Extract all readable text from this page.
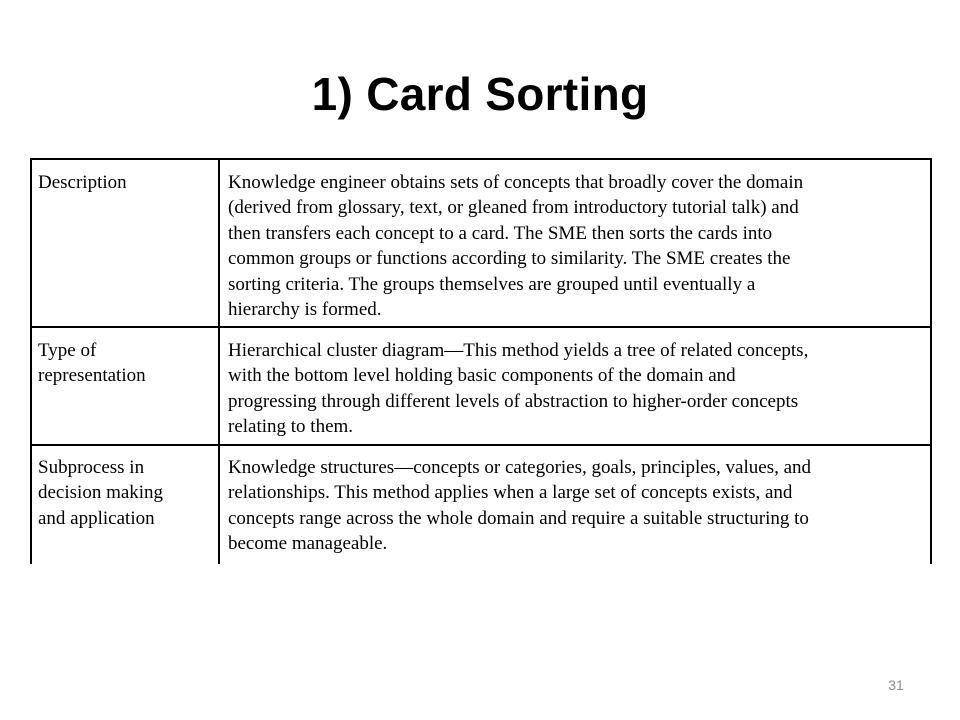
1) Card Sorting
Description	Knowledge engineer obtains sets of concepts that broadly cover the domain
(derived from glossary, text, or gleaned from introductory tutorial talk) and
then transfers each concept to a card. The SME then sorts the cards into
common groups or functions according to similarity. The SME creates the
sorting criteria. The groups themselves are grouped until eventually a
hierarchy is formed.
Type of
representation
Hierarchical cluster diagram—This method yields a tree of related concepts,
with the bottom level holding basic components of the domain and
progressing through different levels of abstraction to higher-order concepts
relating to them.
Subprocess in
decision making
and application
Knowledge structures—concepts or categories, goals, principles, values, and
relationships. This method applies when a large set of concepts exists, and
concepts range across the whole domain and require a suitable structuring to
become manageable.
31
